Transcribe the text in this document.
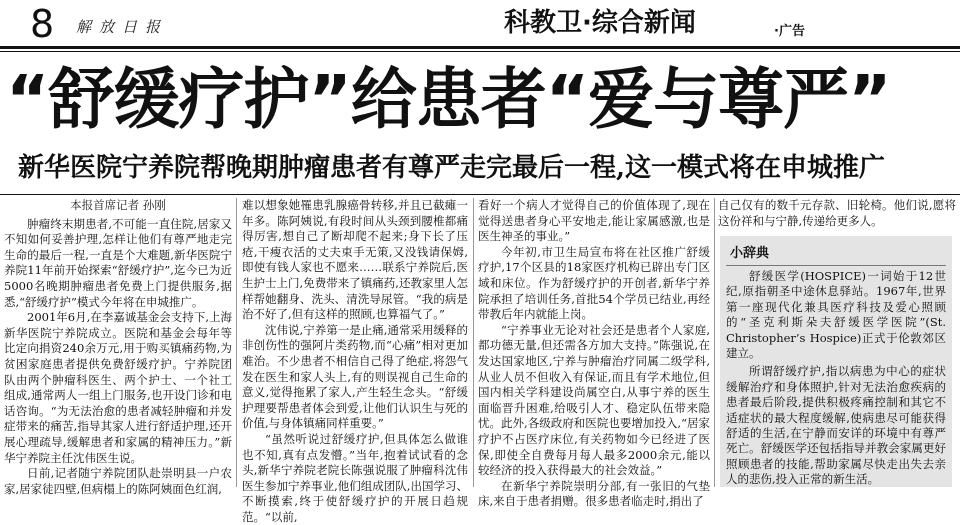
8 解放日报	科教卫·综合新闻	·广告
“舒缓疗护”给患者“爱与尊严”
新华医院宁养院帮晚期肿瘤患者有尊严走完最后一程,这一模式将在申城推广

本报首席记者 孙刚

肿瘤终末期患者,不可能一直住院,居家又不知如何妥善护理,怎样让他们有尊严地走完生命的最后一程,一直是个大难题,新华医院宁养院11年前开始探索“舒缓疗护”,迄今已为近5000名晚期肿瘤患者免费上门提供服务,据悉,“舒缓疗护”模式今年将在申城推广。

2001年6月,在李嘉诚基金会支持下,上海新华医院宁养院成立。医院和基金会每年等比定向捐资240余万元,用于购买镇痛药物,为贫困家庭患者提供免费舒缓疗护。宁养院团队由两个肿瘤科医生、两个护士、一个社工组成,通常两人一组上门服务,也开设门诊和电话咨询。“为无法治愈的患者减轻肿瘤和并发症带来的痛苦,指导其家人进行舒适护理,还开展心理疏导,缓解患者和家属的精神压力。”新华宁养院主任沈伟医生说。

日前,记者随宁养院团队赴崇明县一户农家,居家徒四壁,但病榻上的陈阿姨面色红润,

难以想象她罹患乳腺癌骨转移,并且已截瘫一年多。陈阿姨说,有段时间从头颈到腰椎都痛得厉害,想自己了断却爬不起来;身下长了压疮,干瘦衣活的丈夫束手无策,又没钱请保姆,即使有钱人家也不愿来……联系宁养院后,医生护士上门,免费带来了镇痛药,还教家里人怎样帮她翻身、洗头、清洗导尿管。“我的病是治不好了,但有这样的照顾,也算福气了。”

沈伟说,宁养第一是止痛,通常采用缓释的非创伤性的强阿片类药物,而“心痛”相对更加难治。不少患者不相信自己得了绝症,将怨气发在医生和家人头上,有的则误视自己生命的意义,觉得拖累了家人,产生轻生念头。“舒缓护理要帮患者体会到爱,让他们认识生与死的价值,与身体镇痛同样重要。”

“虽然听说过舒缓疗护,但具体怎么做谁也不知,真有点发懵。”当年,抱着试试看的念头,新华宁养院老院长陈强说服了肿瘤科沈伟医生参加宁养事业,他们组成团队,出国学习、不断摸索,终于使舒缓疗护的开展日趋规范。“以前,

看好一个病人才觉得自己的价值体现了,现在觉得送患者身心平安地走,能让家属感激,也是医生神圣的事业。”

今年初,市卫生局宣布将在社区推广舒缓疗护,17个区县的18家医疗机构已辟出专门区域和床位。作为舒缓疗护的开创者,新华宁养院承担了培训任务,首批54个学员已结业,再经带教后年内就能上岗。

“宁养事业无论对社会还是患者个人家庭,都功德无量,但还需各方加大支持。”陈强说,在发达国家地区,宁养与肿瘤治疗同属二级学科,从业人员不但收入有保证,而且有学术地位,但国内相关学科建设尚属空白,从事宁养的医生面临晋升困难,给吸引人才、稳定队伍带来隐忧。此外,各级政府和医院也要增加投入,“居家疗护不占医疗床位,有关药物如今已经进了医保,即使全自费每月每人最多2000余元,能以较经济的投入获得最大的社会效益。”

在新华宁养院崇明分部,有一张旧的气垫床,来自于患者捐赠。很多患者临走时,捐出了

自己仅有的数千元存款、旧轮椅。他们说,愿将这份祥和与宁静,传递给更多人。

小辞典

舒缓医学(HOSPICE)一词始于12世纪,原指朝圣中途休息驿站。1967年,世界第一座现代化兼具医疗科技及爱心照顾的“圣克利斯朵夫舒缓医学医院”(St. Christopher’s Hospice)正式于伦敦郊区建立。

所谓舒缓疗护,指以病患为中心的症状缓解治疗和身体照护,针对无法治愈疾病的患者最后阶段,提供积极疼痛控制和其它不适症状的最大程度缓解,使病患尽可能获得舒适的生活,在宁静而安详的环境中有尊严死亡。舒缓医学还包括指导并教会家属更好照顾患者的技能,帮助家属尽快走出失去亲人的悲伤,投入正常的新生活。
